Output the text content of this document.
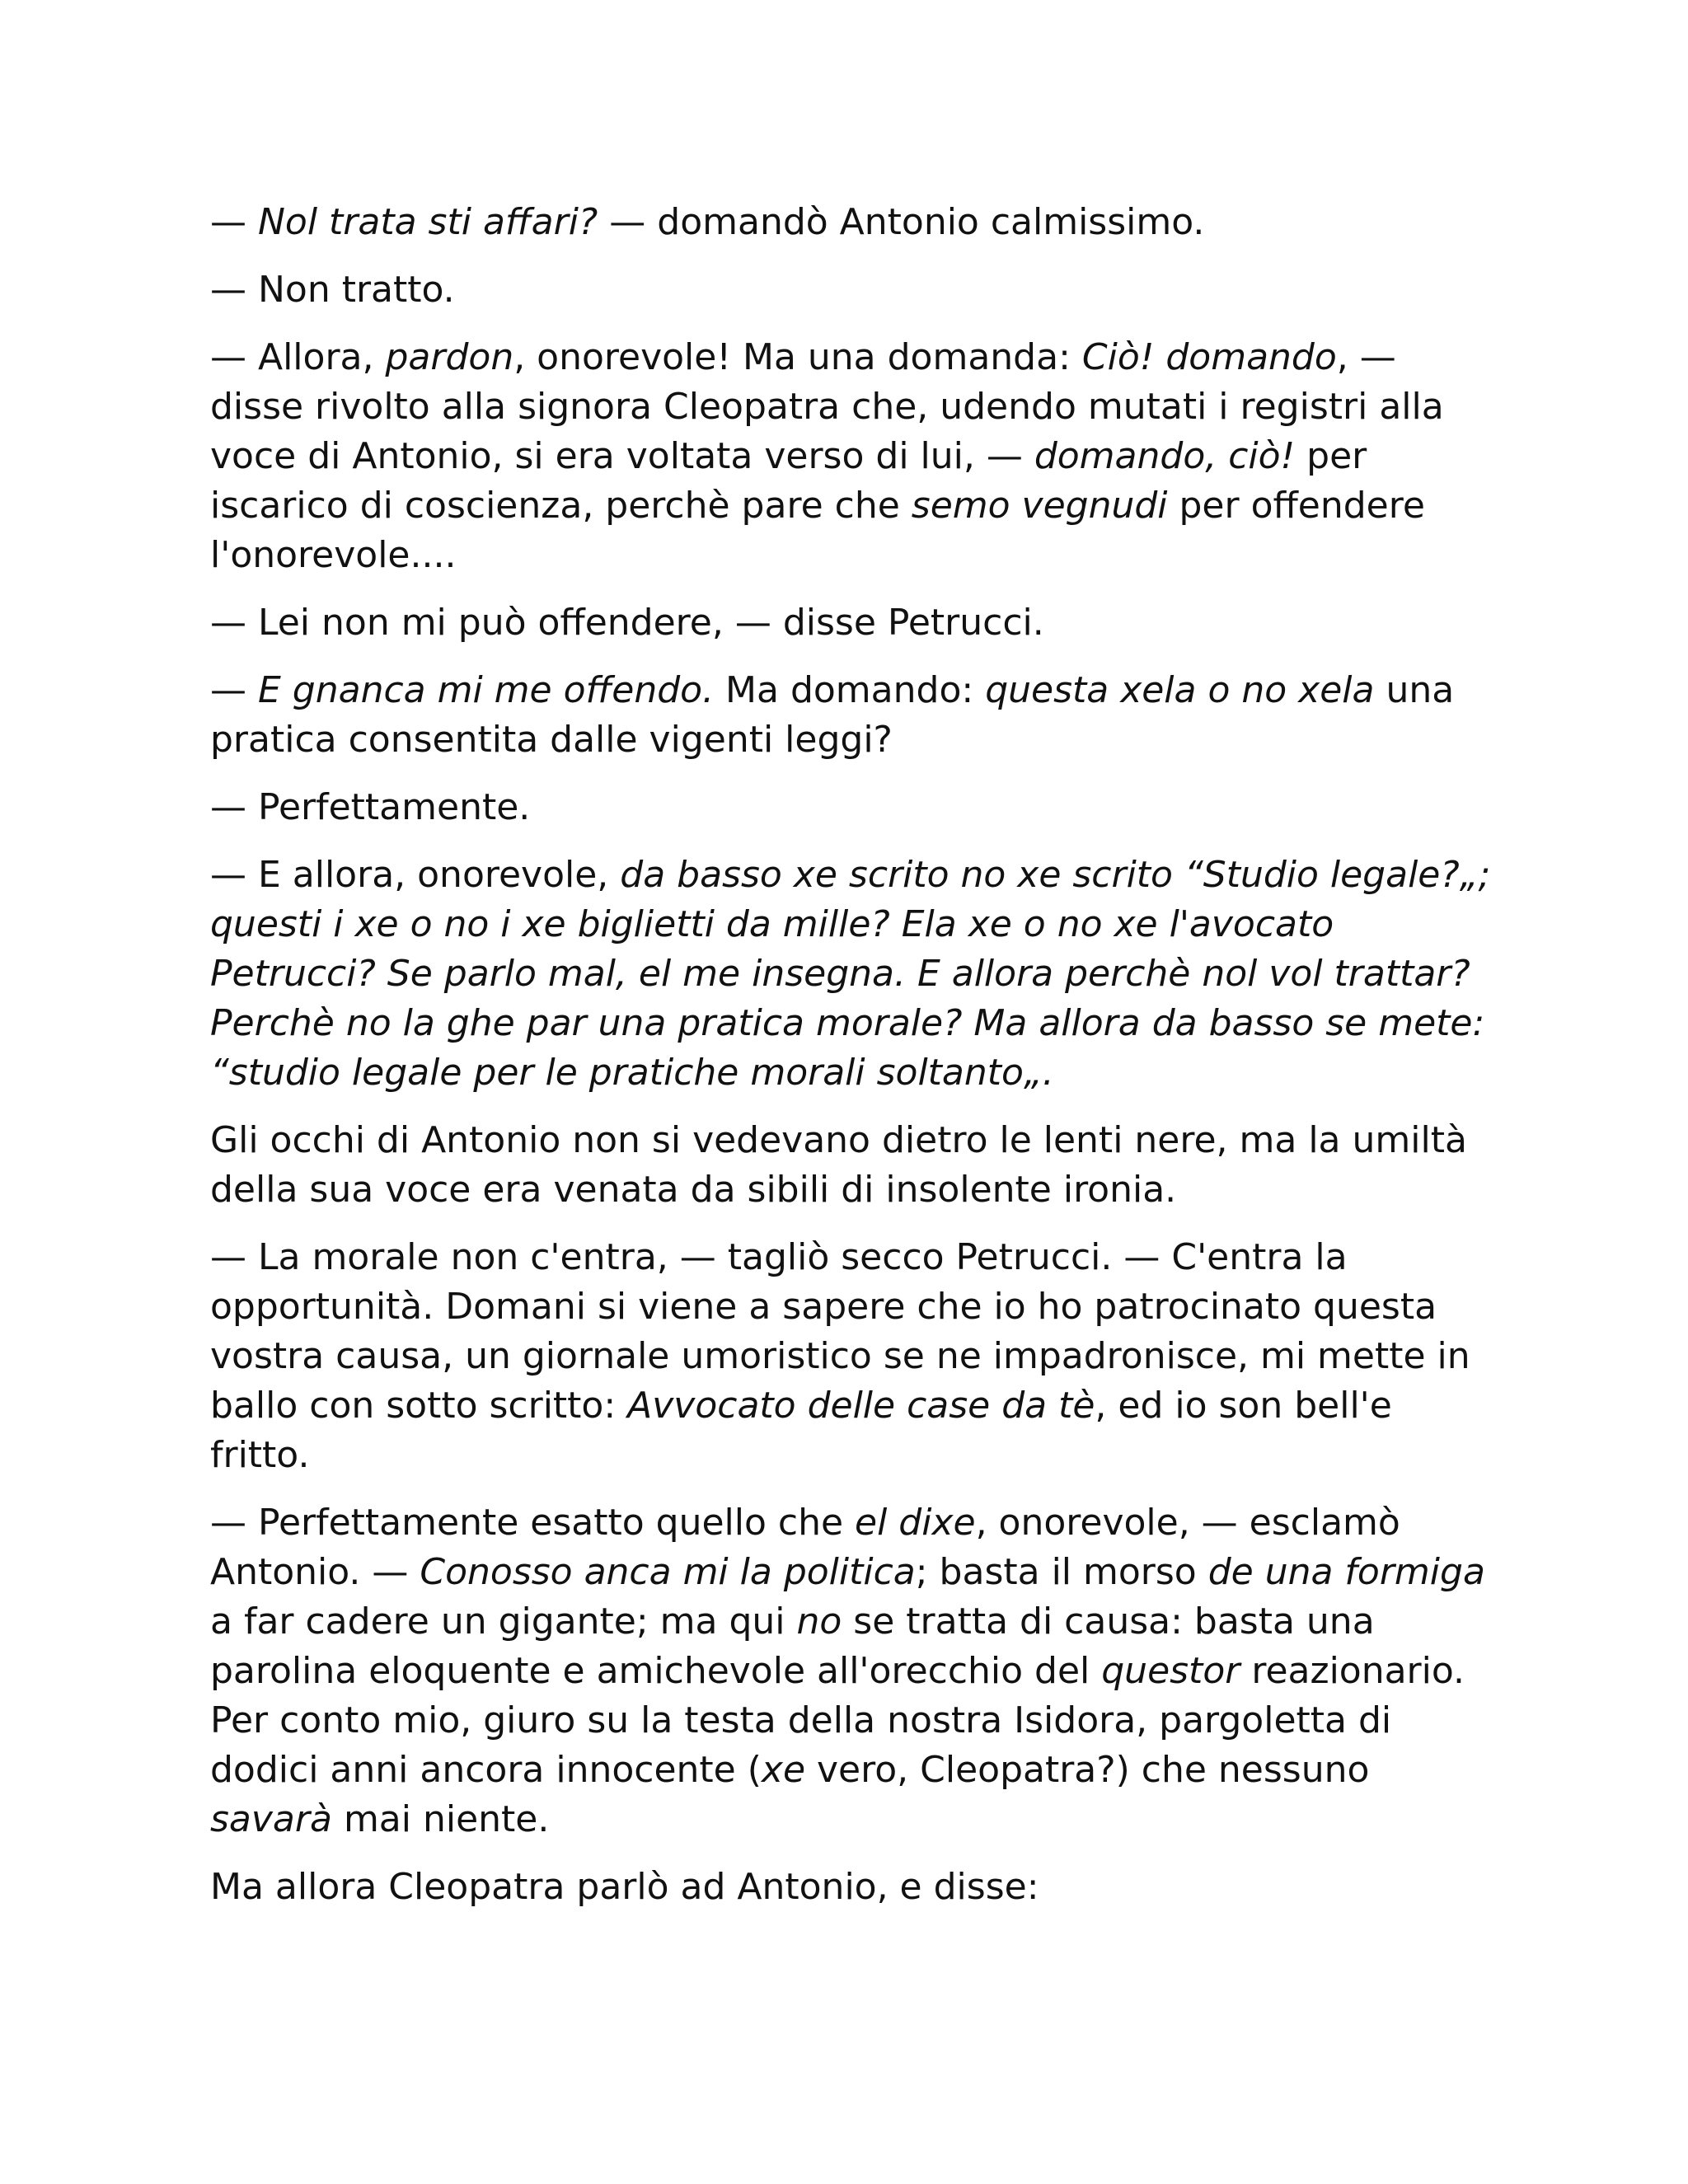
— Nol trata sti affari? — domandò Antonio calmissimo.

— Non tratto.

— Allora, pardon, onorevole! Ma una domanda: Ciò! domando, — disse rivolto alla signora Cleopatra che, udendo mutati i registri alla voce di Antonio, si era voltata verso di lui, — domando, ciò! per iscarico di coscienza, perchè pare che semo vegnudi per offendere l'onorevole....

— Lei non mi può offendere, — disse Petrucci.

— E gnanca mi me offendo. Ma domando: questa xela o no xela una pratica consentita dalle vigenti leggi?

— Perfettamente.

— E allora, onorevole, da basso xe scrito no xe scrito “Studio legale?„; questi i xe o no i xe biglietti da mille? Ela xe o no xe l'avocato Petrucci? Se parlo mal, el me insegna. E allora perchè nol vol trattar? Perchè no la ghe par una pratica morale? Ma allora da basso se mete: “studio legale per le pratiche morali soltanto„.

Gli occhi di Antonio non si vedevano dietro le lenti nere, ma la umiltà della sua voce era venata da sibili di insolente ironia.

— La morale non c'entra, — tagliò secco Petrucci. — C'entra la opportunità. Domani si viene a sapere che io ho patrocinato questa vostra causa, un giornale umoristico se ne impadronisce, mi mette in ballo con sotto scritto: Avvocato delle case da tè, ed io son bell'e fritto.

— Perfettamente esatto quello che el dixe, onorevole, — esclamò Antonio. — Conosso anca mi la politica; basta il morso de una formiga a far cadere un gigante; ma qui no se tratta di causa: basta una parolina eloquente e amichevole all'orecchio del questor reazionario. Per conto mio, giuro su la testa della nostra Isidora, pargoletta di dodici anni ancora innocente (xe vero, Cleopatra?) che nessuno savarà mai niente.

Ma allora Cleopatra parlò ad Antonio, e disse:
